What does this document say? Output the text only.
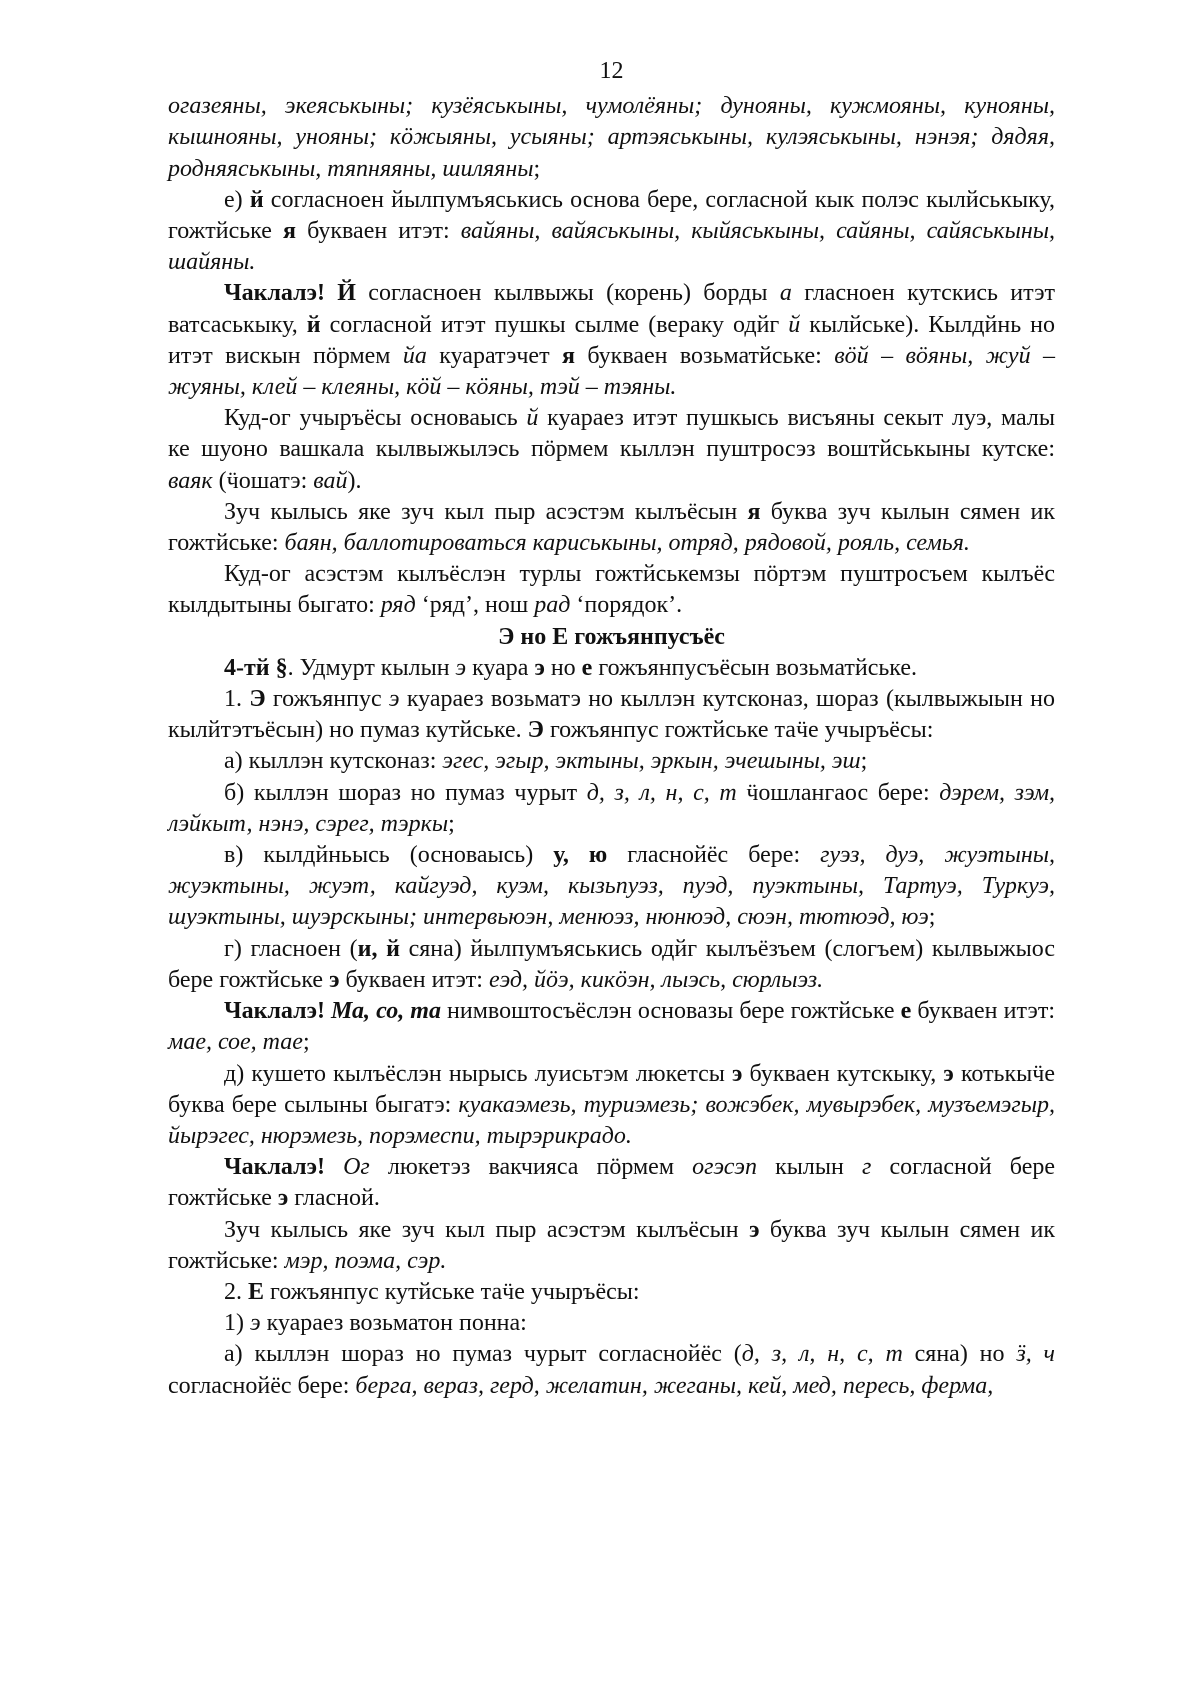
12

огазеяны, экеяськыны; кузёяськыны, чумолёяны; дунояны, кужмояны, кунояны, кышнояны, унояны; кӧжыяны, усыяны; артэяськыны, кулэяськыны, нэнэя; дядяя, родняяськыны, тяпняяны, шиляяны;

е) й согласноен йылпумъяськись основа бере, согласной кык полэс кылйськыку, гожтйське я букваен итэт: вайяны, вайяськыны, кыйяськыны, сайяны, сайяськыны, шайяны.

Чаклалэ! Й согласноен кылвыжы (корень) борды а гласноен кутскись итэт ватсаськыку, й согласной итэт пушкы сылме (вераку одйг й кылйське). Кылдйнь но итэт вискын пӧрмем йа куаратэчет я букваен возьматйське: вӧй – вӧяны, жуй – жуяны, клей – клеяны, кӧй – кӧяны, тэй – тэяны.

Куд-ог учыръёсы основаысь й куараез итэт пушкысь висъяны секыт луэ, малы ке шуоно вашкала кылвыжылэсь пӧрмем кыллэн пуштросэз воштйськыны кутске: ваяк (ӵошатэ: вай).

Зуч кылысь яке зуч кыл пыр асэстэм кылъёсын я буква зуч кылын сямен ик гожтйське: баян, баллотироваться кариськыны, отряд, рядовой, рояль, семья.

Куд-ог асэстэм кылъёслэн турлы гожтйськемзы пӧртэм пуштросъем кылъёс кылдытыны быгато: ряд ‘ряд’, нош рад ‘порядок’.

Э но Е гожъянпусъёс

4-тй §. Удмурт кылын э куара э но е гожъянпусъёсын возьматйське.

1. Э гожъянпус э куараез возьматэ но кыллэн кутсконаз, шораз (кылвыжыын но кылйтэтъёсын) но пумаз кутйське. Э гожъянпус гожтйське таӵе учыръёсы:

а) кыллэн кутсконаз: эгес, эгыр, эктыны, эркын, эчешыны, эш;

б) кыллэн шораз но пумаз чурыт д, з, л, н, с, т ӵошлангаос бере: дэрем, зэм, лэйкыт, нэнэ, сэрег, тэркы;

в) кылдйньысь (основаысь) у, ю гласнойёс бере: гуэз, дуэ, жуэтыны, жуэктыны, жуэт, кайгуэд, куэм, кызьпуэз, пуэд, пуэктыны, Тартуэ, Туркуэ, шуэктыны, шуэрскыны; интервьюэн, менюэз, нюнюэд, сюэн, тютюэд, юэ;

г) гласноен (и, й сяна) йылпумъяськись одйг кылъёзъем (слогъем) кылвыжыос бере гожтйське э букваен итэт: еэд, йӧэ, кикӧэн, лыэсь, сюрлыэз.

Чаклалэ! Ма, со, та нимвоштосъёслэн основазы бере гожтйське е букваен итэт: мае, сое, тае;

д) кушето кылъёслэн нырысь луисьтэм люкетсы э букваен кутскыку, э котькыӵе буква бере сылыны быгатэ: куакаэмезь, туриэмезь; вожэбек, мувырэбек, музъемэгыр, йырэгес, нюрэмезь, порэмеспи, тырэрикрадо.

Чаклалэ! Ог люкетэз вакчияса пӧрмем огэсэп кылын г согласной бере гожтйське э гласной.

Зуч кылысь яке зуч кыл пыр асэстэм кылъёсын э буква зуч кылын сямен ик гожтйське: мэр, поэма, сэр.

2. Е гожъянпус кутйське таӵе учыръёсы:

1) э куараез возьматон понна:

а) кыллэн шораз но пумаз чурыт согласнойёс (д, з, л, н, с, т сяна) но ӟ, ч согласнойёс бере: берга, вераз, герд, желатин, жеганы, кей, мед, пересь, ферма,
